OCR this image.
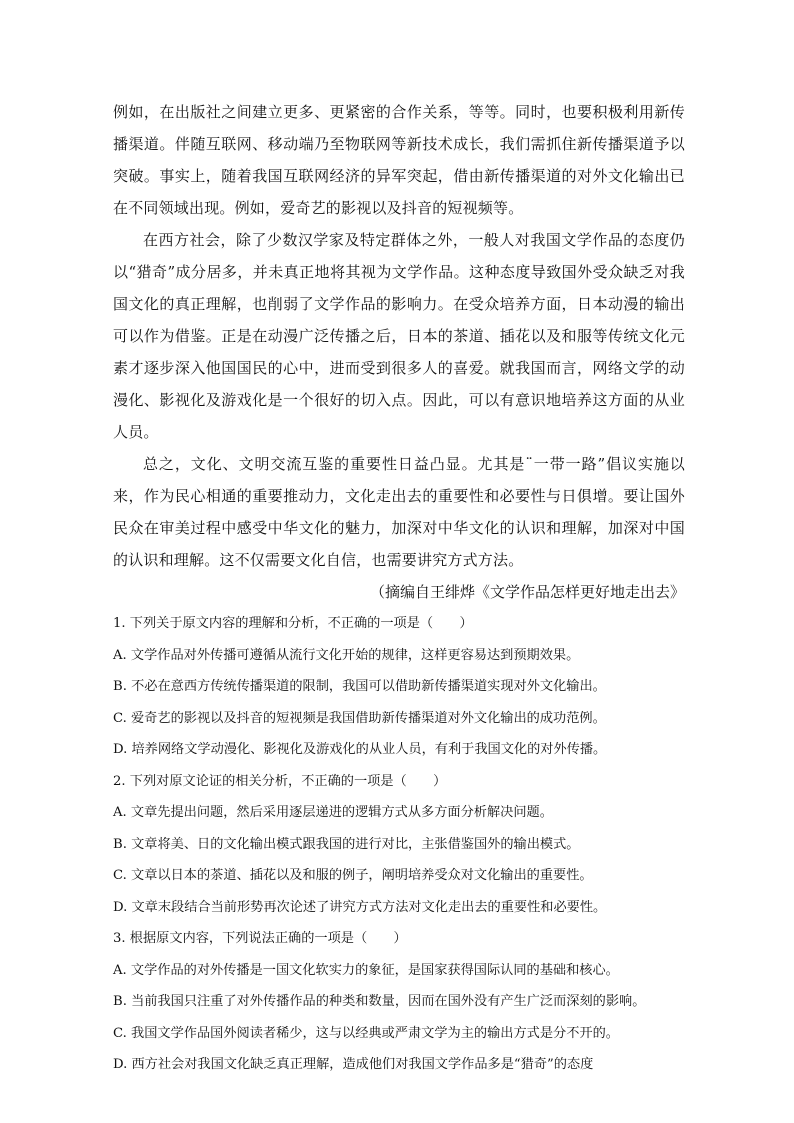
例如，在出版社之间建立更多、更紧密的合作关系，等等。同时，也要积极利用新传播渠道。伴随互联网、移动端乃至物联网等新技术成长，我们需抓住新传播渠道予以突破。事实上，随着我国互联网经济的异军突起，借由新传播渠道的对外文化输出已在不同领域出现。例如，爱奇艺的影视以及抖音的短视频等。

在西方社会，除了少数汉学家及特定群体之外，一般人对我国文学作品的态度仍以“猎奇”成分居多，并未真正地将其视为文学作品。这种态度导致国外受众缺乏对我国文化的真正理解，也削弱了文学作品的影响力。在受众培养方面，日本动漫的输出可以作为借鉴。正是在动漫广泛传播之后，日本的茶道、插花以及和服等传统文化元素才逐步深入他国国民的心中，进而受到很多人的喜爱。就我国而言，网络文学的动漫化、影视化及游戏化是一个很好的切入点。因此，可以有意识地培养这方面的从业人员。

总之，文化、文明交流互鉴的重要性日益凸显。尤其是¨一带一路”倡议实施以来，作为民心相通的重要推动力，文化走出去的重要性和必要性与日俱增。要让国外民众在审美过程中感受中华文化的魅力，加深对中华文化的认识和理解，加深对中国的认识和理解。这不仅需要文化自信，也需要讲究方式方法。

（摘编自王绯烨《文学作品怎样更好地走出去》

1. 下列关于原文内容的理解和分析，不正确的一项是（　　）

A. 文学作品对外传播可遵循从流行文化开始的规律，这样更容易达到预期效果。

B. 不必在意西方传统传播渠道的限制，我国可以借助新传播渠道实现对外文化输出。

C. 爱奇艺的影视以及抖音的短视频是我国借助新传播渠道对外文化输出的成功范例。

D. 培养网络文学动漫化、影视化及游戏化的从业人员，有利于我国文化的对外传播。

2. 下列对原文论证的相关分析，不正确的一项是（　　）

A. 文章先提出问题，然后采用逐层递进的逻辑方式从多方面分析解决问题。

B. 文章将美、日的文化输出模式跟我国的进行对比，主张借鉴国外的输出模式。

C. 文章以日本的茶道、插花以及和服的例子，阐明培养受众对文化输出的重要性。

D. 文章末段结合当前形势再次论述了讲究方式方法对文化走出去的重要性和必要性。

3. 根据原文内容，下列说法正确的一项是（　　）

A. 文学作品的对外传播是一国文化软实力的象征，是国家获得国际认同的基础和核心。

B. 当前我国只注重了对外传播作品的种类和数量，因而在国外没有产生广泛而深刻的影响。

C. 我国文学作品国外阅读者稀少，这与以经典或严肃文学为主的输出方式是分不开的。

D. 西方社会对我国文化缺乏真正理解，造成他们对我国文学作品多是“猎奇”的态度
